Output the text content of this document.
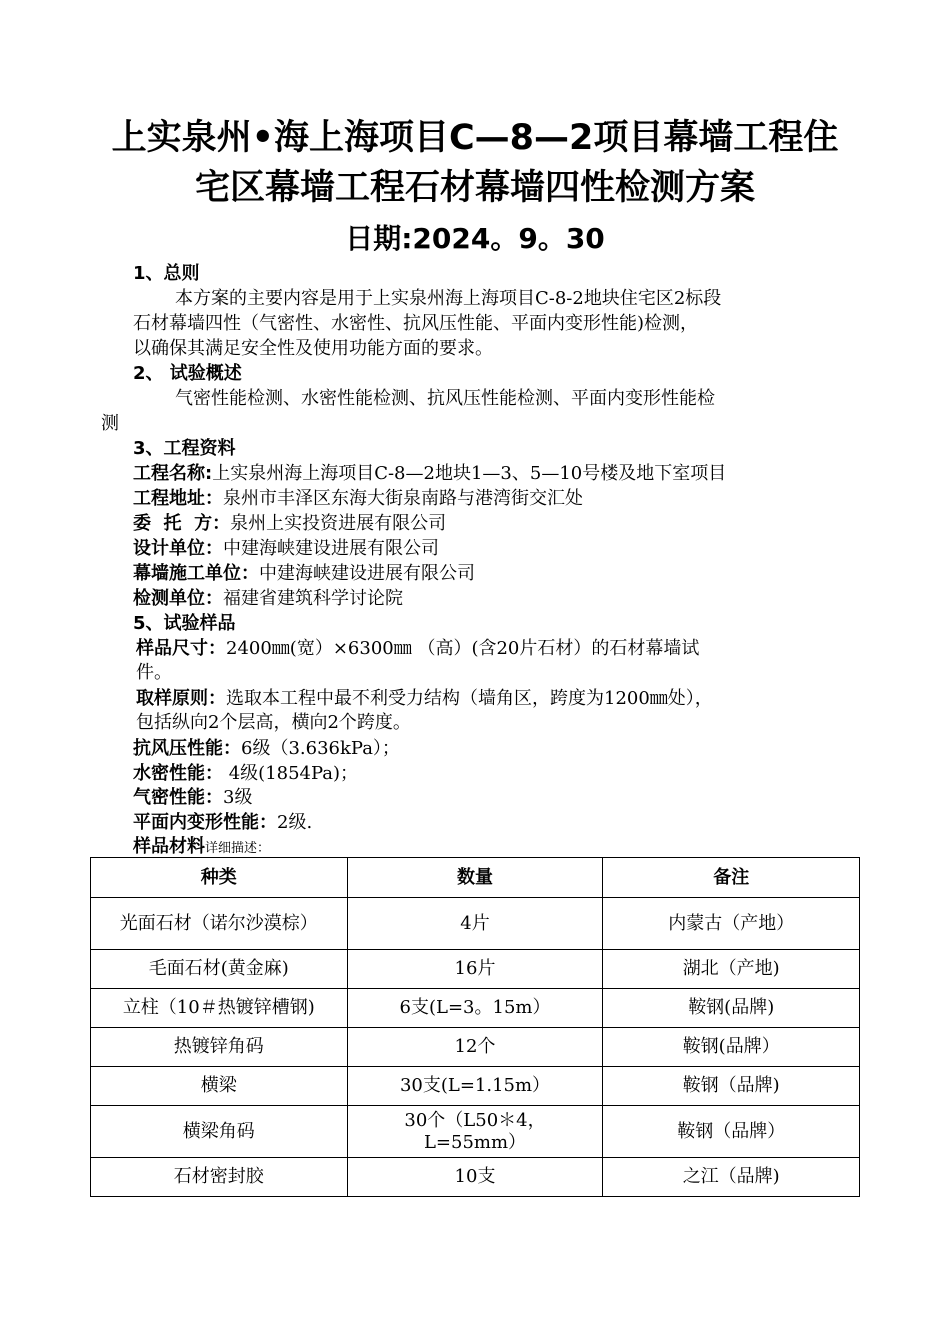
上实泉州•海上海项目C—8—2项目幕墙工程住
宅区幕墙工程石材幕墙四性检测方案
日期:2024。9。30
1、总则
本方案的主要内容是用于上实泉州海上海项目C-8-2地块住宅区2标段
石材幕墙四性（气密性、水密性、抗风压性能、平面内变形性能)检测，
以确保其满足安全性及使用功能方面的要求。
2、 试验概述
气密性能检测、水密性能检测、抗风压性能检测、平面内变形性能检
测
3、工程资料
工程名称:上实泉州海上海项目C-8—2地块1—3、5—10号楼及地下室项目
工程地址：泉州市丰泽区东海大街泉南路与港湾街交汇处
委  托  方：泉州上实投资进展有限公司
设计单位：中建海峡建设进展有限公司
幕墙施工单位：中建海峡建设进展有限公司
检测单位：福建省建筑科学讨论院
5、试验样品
样品尺寸：2400㎜(宽）×6300㎜ （高）(含20片石材）的石材幕墙试
件。
取样原则：选取本工程中最不利受力结构（墙角区，跨度为1200㎜处），
包括纵向2个层高，横向2个跨度。
抗风压性能：6级（3.636kPa）；
水密性能： 4级(1854Pa)；
气密性能：3级
平面内变形性能：2级.
样品材料详细描述：
种类	数量	备注
光面石材（诺尔沙漠棕）	4片	内蒙古（产地）
毛面石材(黄金麻)	16片	湖北（产地)
立柱（10＃热镀锌槽钢)	6支(L=3。15m）	鞍钢(品牌)
热镀锌角码	12个	鞍钢(品牌）
横梁	30支(L=1.15m）	鞍钢（品牌)
横梁角码	30个（L50＊4，L=55mm）	鞍钢（品牌）
石材密封胶	10支	之江（品牌)
